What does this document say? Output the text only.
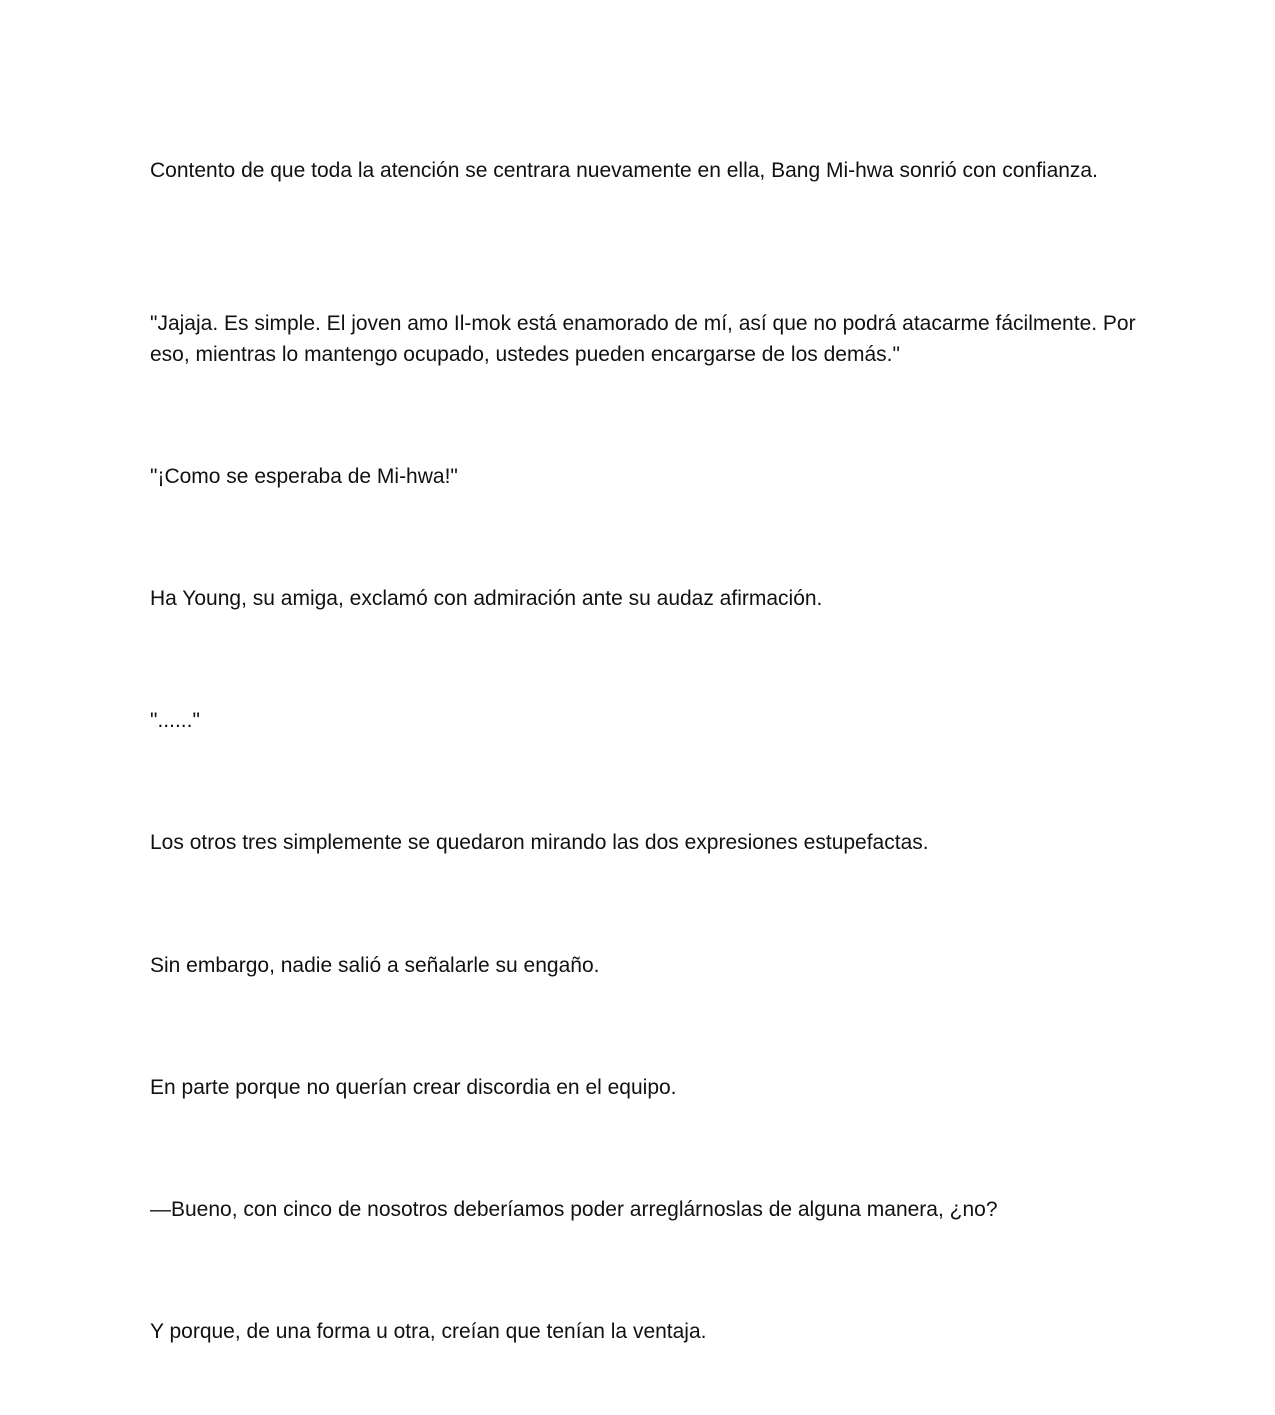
Contento de que toda la atención se centrara nuevamente en ella, Bang Mi-hwa sonrió con confianza.

"Jajaja. Es simple. El joven amo Il-mok está enamorado de mí, así que no podrá atacarme fácilmente. Por eso, mientras lo mantengo ocupado, ustedes pueden encargarse de los demás."

"¡Como se esperaba de Mi-hwa!"

Ha Young, su amiga, exclamó con admiración ante su audaz afirmación.

"......"

Los otros tres simplemente se quedaron mirando las dos expresiones estupefactas.

Sin embargo, nadie salió a señalarle su engaño.

En parte porque no querían crear discordia en el equipo.

—Bueno, con cinco de nosotros deberíamos poder arreglárnoslas de alguna manera, ¿no?

Y porque, de una forma u otra, creían que tenían la ventaja.
